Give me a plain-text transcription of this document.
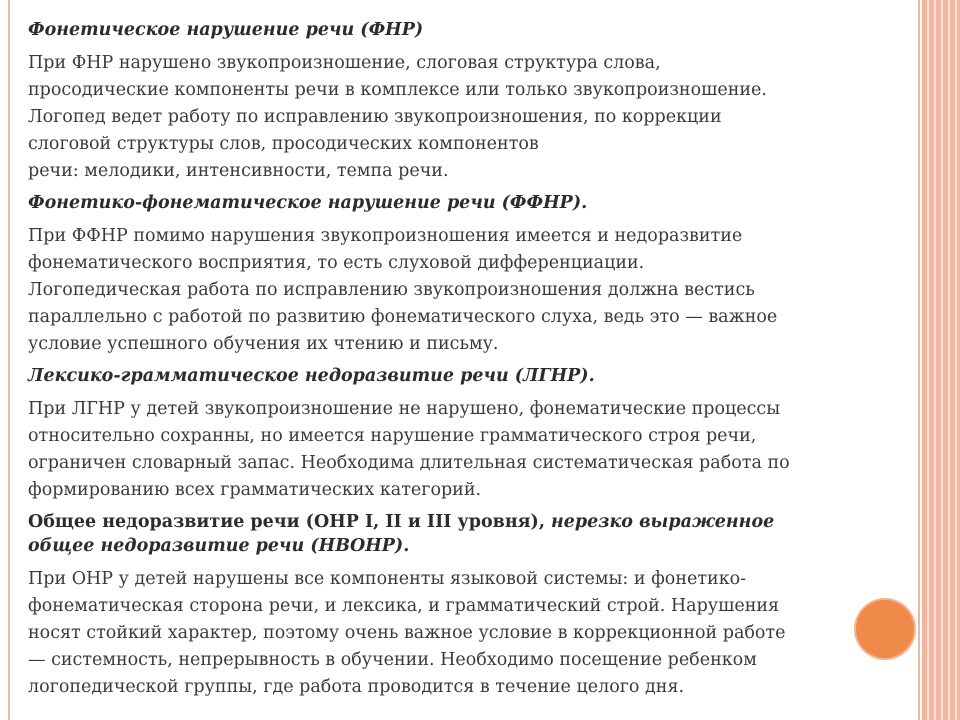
Фонетическое нарушение речи (ФНР)
При ФНР нарушено звукопроизношение, слоговая структура слова,
просодические компоненты речи в комплексе или только звукопроизношение.
Логопед ведет работу по исправлению звукопроизношения, по коррекции
слоговой структуры слов, просодических компонентов
речи: мелодики, интенсивности, темпа речи.
Фонетико-фонематическое нарушение речи (ФФНР).
При ФФНР помимо нарушения звукопроизношения имеется и недоразвитие
фонематического восприятия, то есть слуховой дифференциации.
Логопедическая работа по исправлению звукопроизношения должна вестись
параллельно с работой по развитию фонематического слуха, ведь это — важное
условие успешного обучения их чтению и письму.
Лексико-грамматическое недоразвитие речи (ЛГНР).
При ЛГНР у детей звукопроизношение не нарушено, фонематические процессы
относительно сохранны, но имеется нарушение грамматического строя речи,
ограничен словарный запас. Необходима длительная систематическая работа по
формированию всех грамматических категорий.
Общее недоразвитие речи (ОНР I, II и III уровня), нерезко выраженное
общее недоразвитие речи (НВОНР).
При ОНР у детей нарушены все компоненты языковой системы: и фонетико-
фонематическая сторона речи, и лексика, и грамматический строй. Нарушения
носят стойкий характер, поэтому очень важное условие в коррекционной работе
— системность, непрерывность в обучении. Необходимо посещение ребенком
логопедической группы, где работа проводится в течение целого дня.
